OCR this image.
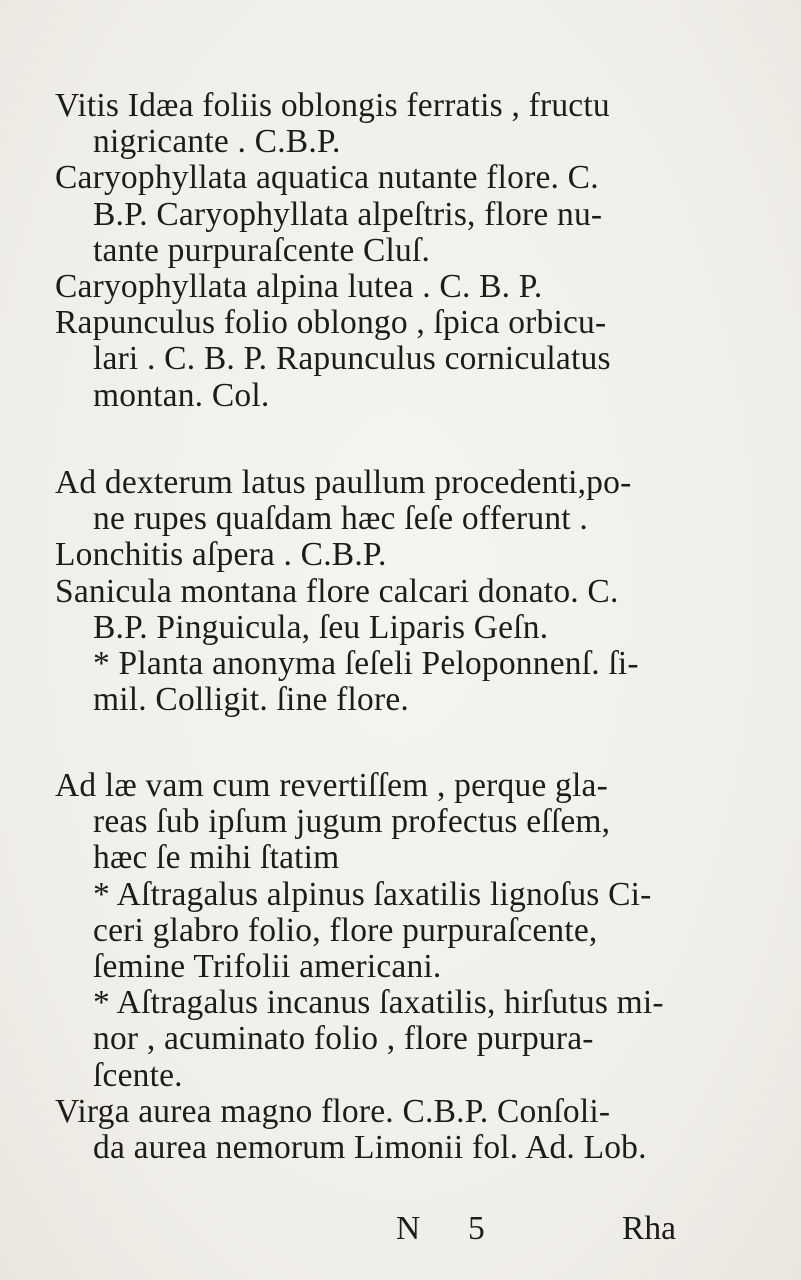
Vitis Idæa foliis oblongis ferratis , fructu
nigricante . C.B.P.
Caryophyllata aquatica nutante flore. C.
B.P. Caryophyllata alpeſtris, flore nu-
tante purpuraſcente Cluſ.
Caryophyllata alpina lutea . C. B. P.
Rapunculus folio oblongo , ſpica orbicu-
lari . C. B. P. Rapunculus corniculatus
montan. Col.
Ad dexterum latus paullum procedenti,po-
ne rupes quaſdam hæc ſeſe offerunt .
Lonchitis aſpera . C.B.P.
Sanicula montana flore calcari donato. C.
B.P. Pinguicula, ſeu Liparis Geſn.
* Planta anonyma ſeſeli Peloponnenſ. ſi-
mil. Colligit. ſine flore.
Ad læ vam cum revertiſſem , perque gla-
reas ſub ipſum jugum profectus eſſem,
hæc ſe mihi ſtatim
* Aſtragalus alpinus ſaxatilis lignoſus Ci-
ceri glabro folio, flore purpuraſcente,
ſemine Trifolii americani.
* Aſtragalus incanus ſaxatilis, hirſutus mi-
nor , acuminato folio , flore purpura-
ſcente.
Virga aurea magno flore. C.B.P. Conſoli-
da aurea nemorum Limonii fol. Ad. Lob.
N 5	Rha
